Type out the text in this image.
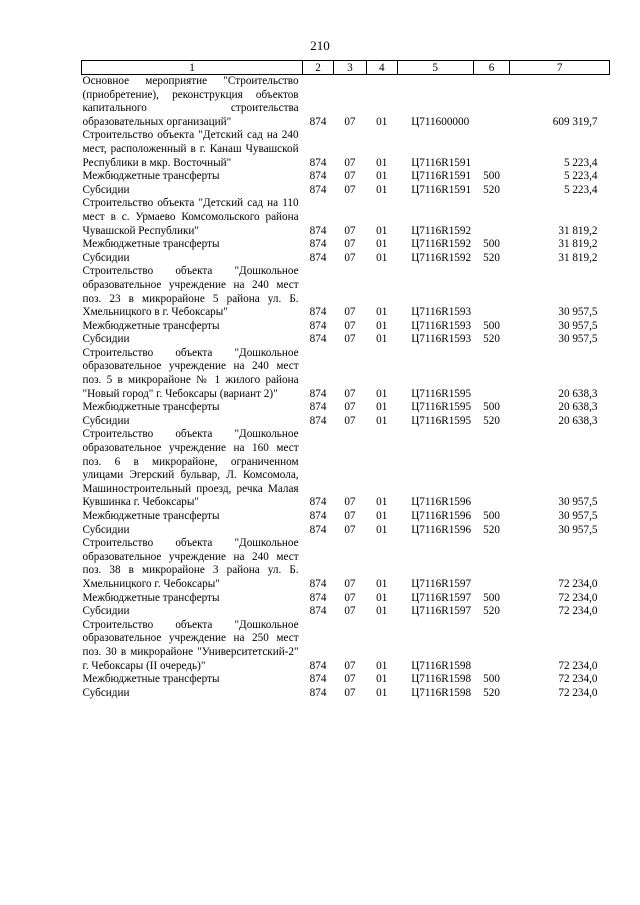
210
1	2	3	4	5	6	7
Основное мероприятие "Строительство (приобретение), реконструкция объектов капитального строительства образовательных организаций"	874	07	01	Ц711600000		609 319,7
Строительство объекта "Детский сад на 240 мест, расположенный в г. Канаш Чувашской Республики в мкр. Восточный"	874	07	01	Ц7116R1591		5 223,4
Межбюджетные трансферты	874	07	01	Ц7116R1591	500	5 223,4
Субсидии	874	07	01	Ц7116R1591	520	5 223,4
Строительство объекта "Детский сад на 110 мест в с. Урмаево Комсомольского района Чувашской Республики"	874	07	01	Ц7116R1592		31 819,2
Межбюджетные трансферты	874	07	01	Ц7116R1592	500	31 819,2
Субсидии	874	07	01	Ц7116R1592	520	31 819,2
Строительство объекта "Дошкольное образовательное учреждение на 240 мест поз. 23 в микрорайоне 5 района ул. Б. Хмельницкого в г. Чебоксары"	874	07	01	Ц7116R1593		30 957,5
Межбюджетные трансферты	874	07	01	Ц7116R1593	500	30 957,5
Субсидии	874	07	01	Ц7116R1593	520	30 957,5
Строительство объекта "Дошкольное образовательное учреждение на 240 мест поз. 5 в микрорайоне № 1 жилого района "Новый город" г. Чебоксары (вариант 2)"	874	07	01	Ц7116R1595		20 638,3
Межбюджетные трансферты	874	07	01	Ц7116R1595	500	20 638,3
Субсидии	874	07	01	Ц7116R1595	520	20 638,3
Строительство объекта "Дошкольное образовательное учреждение на 160 мест поз. 6 в микрорайоне, ограниченном улицами Эгерский бульвар, Л. Комсомола, Машиностроительный проезд, речка Малая Кувшинка г. Чебоксары"	874	07	01	Ц7116R1596		30 957,5
Межбюджетные трансферты	874	07	01	Ц7116R1596	500	30 957,5
Субсидии	874	07	01	Ц7116R1596	520	30 957,5
Строительство объекта "Дошкольное образовательное учреждение на 240 мест поз. 38 в микрорайоне 3 района ул. Б. Хмельницкого г. Чебоксары"	874	07	01	Ц7116R1597		72 234,0
Межбюджетные трансферты	874	07	01	Ц7116R1597	500	72 234,0
Субсидии	874	07	01	Ц7116R1597	520	72 234,0
Строительство объекта "Дошкольное образовательное учреждение на 250 мест поз. 30 в микрорайоне "Университетский-2" г. Чебоксары (II очередь)"	874	07	01	Ц7116R1598		72 234,0
Межбюджетные трансферты	874	07	01	Ц7116R1598	500	72 234,0
Субсидии	874	07	01	Ц7116R1598	520	72 234,0
